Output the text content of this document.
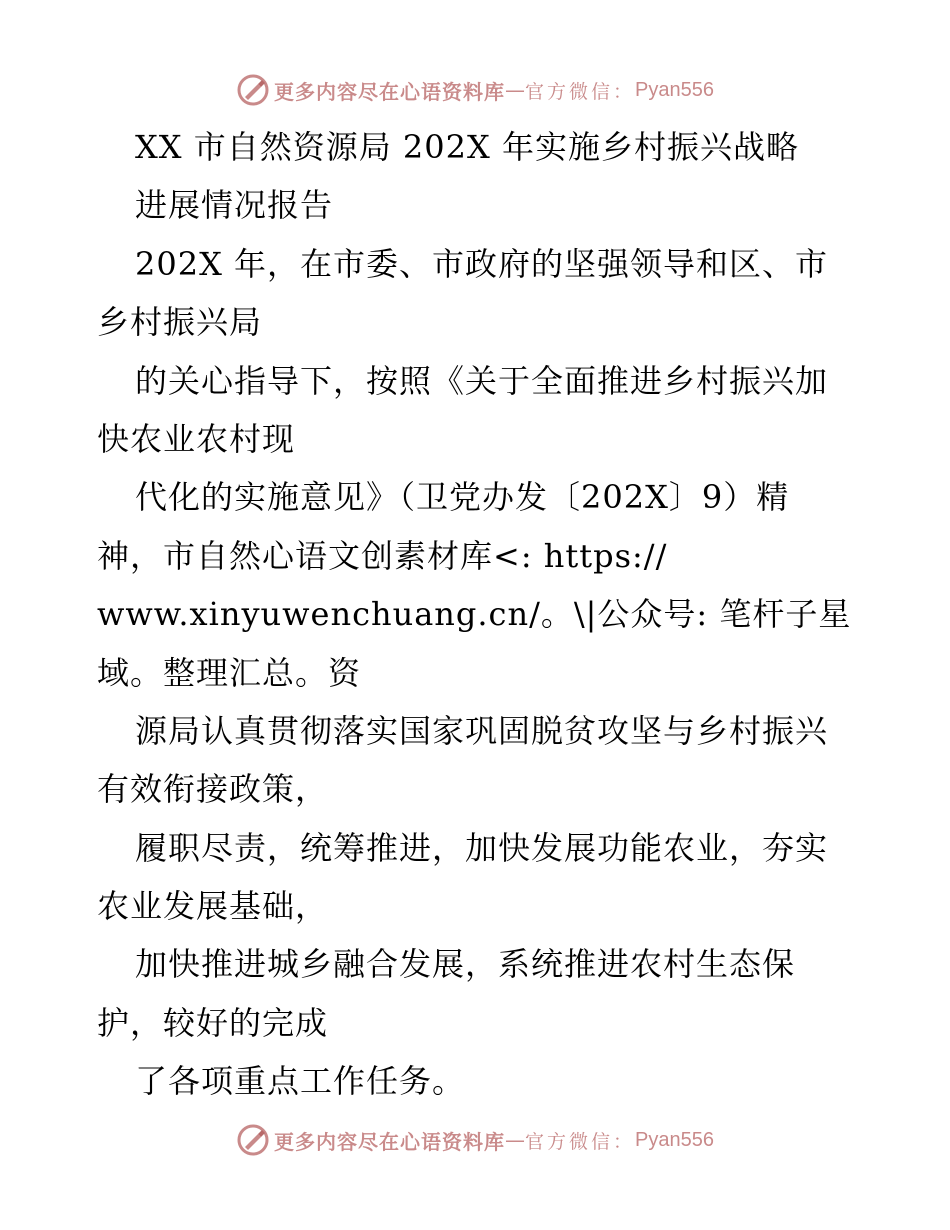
更多内容尽在心语资料库 — 官方微信： Pyan556
XX 市自然资源局 202X 年实施乡村振兴战略
进展情况报告
202X 年，在市委、市政府的坚强领导和区、市
乡村振兴局
的关心指导下，按照《关于全面推进乡村振兴加
快农业农村现
代化的实施意见》（卫党办发〔202X〕9）精
神，市自然心语文创素材库<: https://
www.xinyuwenchuang.cn/。\|公众号: 笔杆子星
域。整理汇总。资
源局认真贯彻落实国家巩固脱贫攻坚与乡村振兴
有效衔接政策，
履职尽责，统筹推进，加快发展功能农业，夯实
农业发展基础，
加快推进城乡融合发展，系统推进农村生态保
护，较好的完成
了各项重点工作任务。
更多内容尽在心语资料库 — 官方微信： Pyan556
